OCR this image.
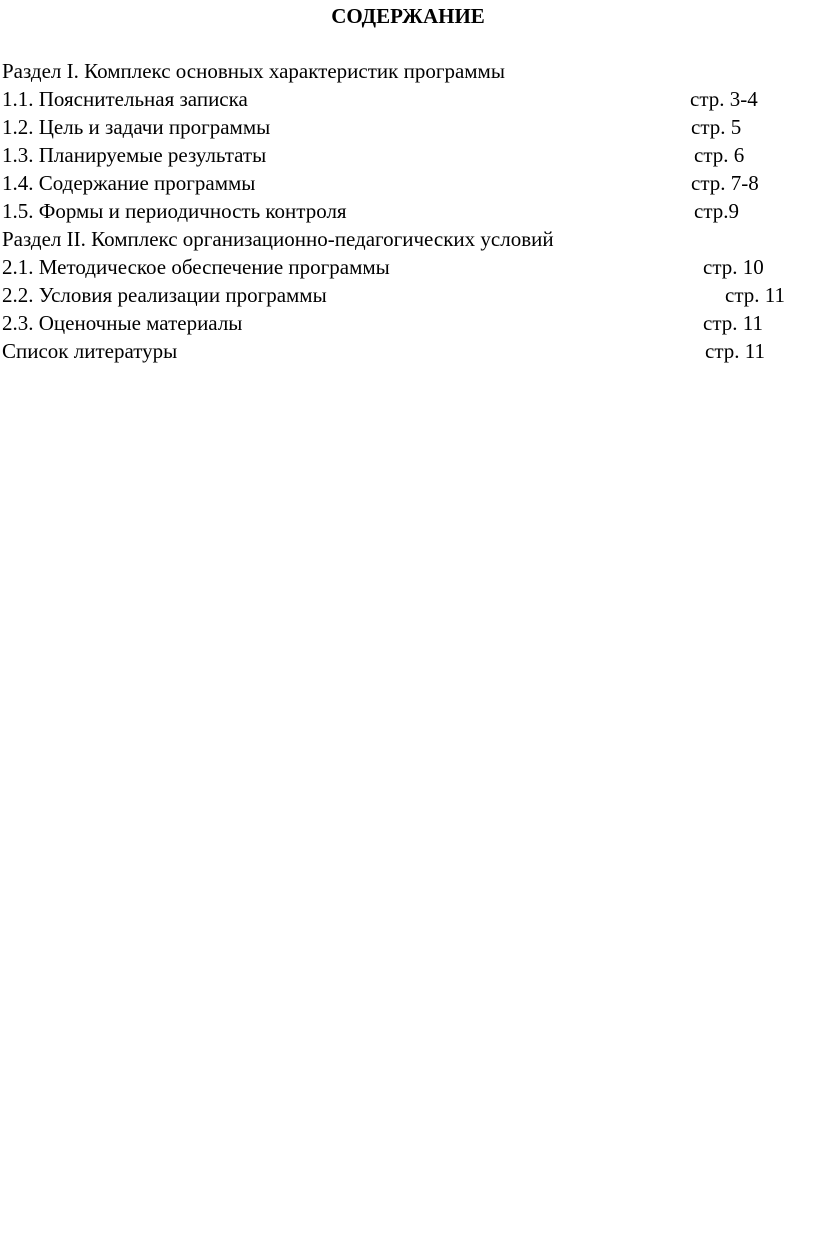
СОДЕРЖАНИЕ
Раздел I. Комплекс основных характеристик программы
1.1. Пояснительная записка	стр. 3-4
1.2. Цель и задачи программы	стр. 5
1.3. Планируемые результаты	стр. 6
1.4. Содержание программы	стр. 7-8
1.5. Формы и периодичность контроля	стр.9
Раздел II. Комплекс организационно-педагогических условий
2.1. Методическое обеспечение программы	стр. 10
2.2. Условия реализации программы	стр. 11
2.3. Оценочные материалы	стр. 11
Список литературы	стр. 11
